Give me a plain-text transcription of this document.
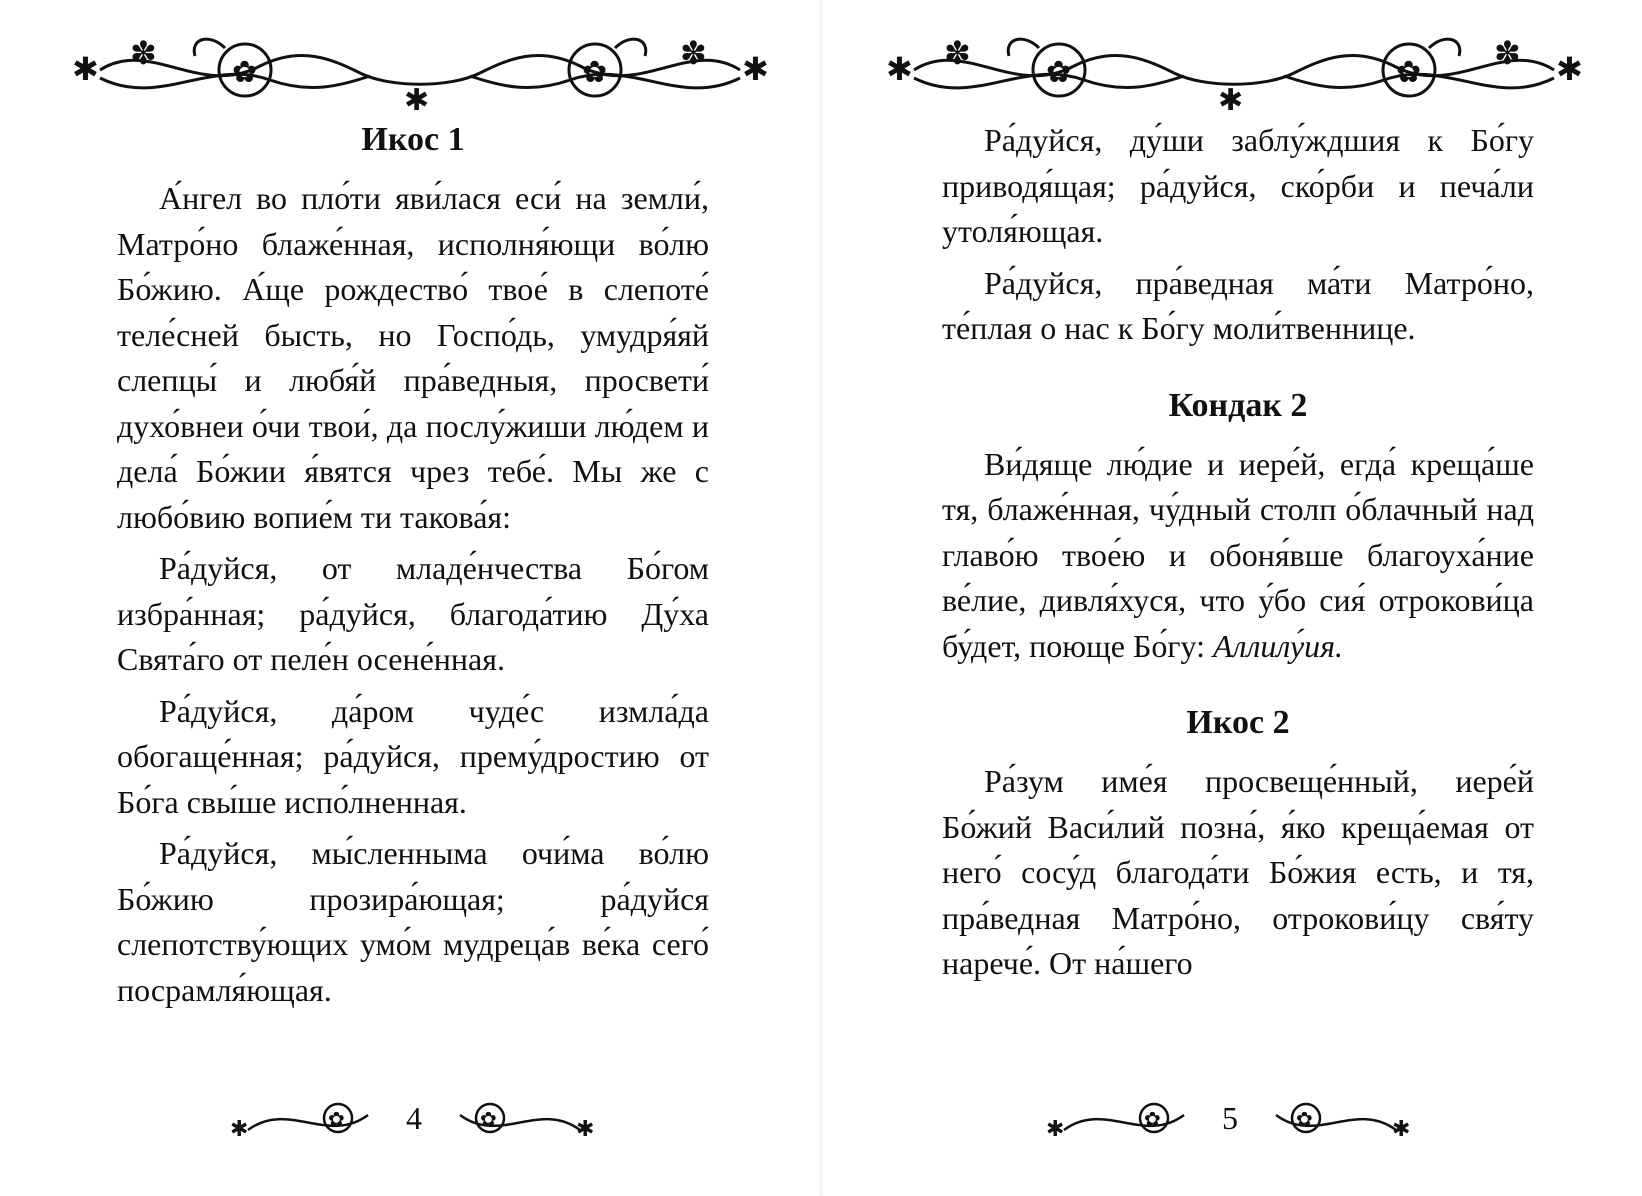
✱ ✽
✿	✿
✽ ✱
✱
Икос 1

А́нгел во пло́ти яви́лася еси́ на земли́, Матро́но блаже́нная, исполня́ющи во́лю Бо́жию. А́ще рождество́ твое́ в слепоте́ теле́сней бысть, но Госпо́дь, умудря́яй слепцы́ и любя́й пра́ведныя, просвети́ духо́внеи о́чи твои́, да послу́жиши лю́дем и дела́ Бо́жии я́вятся чрез тебе́. Мы же с любо́вию вопие́м ти такова́я:

Ра́дуйся, от младе́нчества Бо́гом избра́нная; ра́дуйся, благода́тию Ду́ха Свята́го от пеле́н осене́нная.

Ра́дуйся, да́ром чуде́с измла́да обогаще́нная; ра́дуйся, прему́дростию от Бо́га свы́ше испо́лненная.

Ра́дуйся, мы́сленныма очи́ма во́лю Бо́жию прозира́ющая; ра́дуйся слепотству́ющих умо́м мудреца́в ве́ка сего́ посрамля́ющая.

✱	✿	✿	✱
4
✱ ✽
✿	✿
✽ ✱
✱

Ра́дуйся, ду́ши заблу́ждшия к Бо́гу приводя́щая; ра́дуйся, ско́рби и печа́ли утоля́ющая.

Ра́дуйся, пра́ведная ма́ти Матро́но, те́плая о нас к Бо́гу моли́твеннице.

Кондак 2

Ви́дяще лю́дие и иере́й, егда́ креща́ше тя, блаже́нная, чу́дный столп о́блачный над главо́ю твое́ю и обоня́вше благоуха́ние ве́лие, дивля́хуся, что у́бо сия́ отрокови́ца бу́дет, поюще Бо́гу: Аллилу́ия.

Икос 2

Ра́зум име́я просвеще́нный, иере́й Бо́жий Васи́лий позна́, я́ко креща́емая от него́ сосу́д благода́ти Бо́жия есть, и тя, пра́ведная Матро́но, отрокови́цу свя́ту нарече́. От на́шего

✱	✿	✿	✱
5
